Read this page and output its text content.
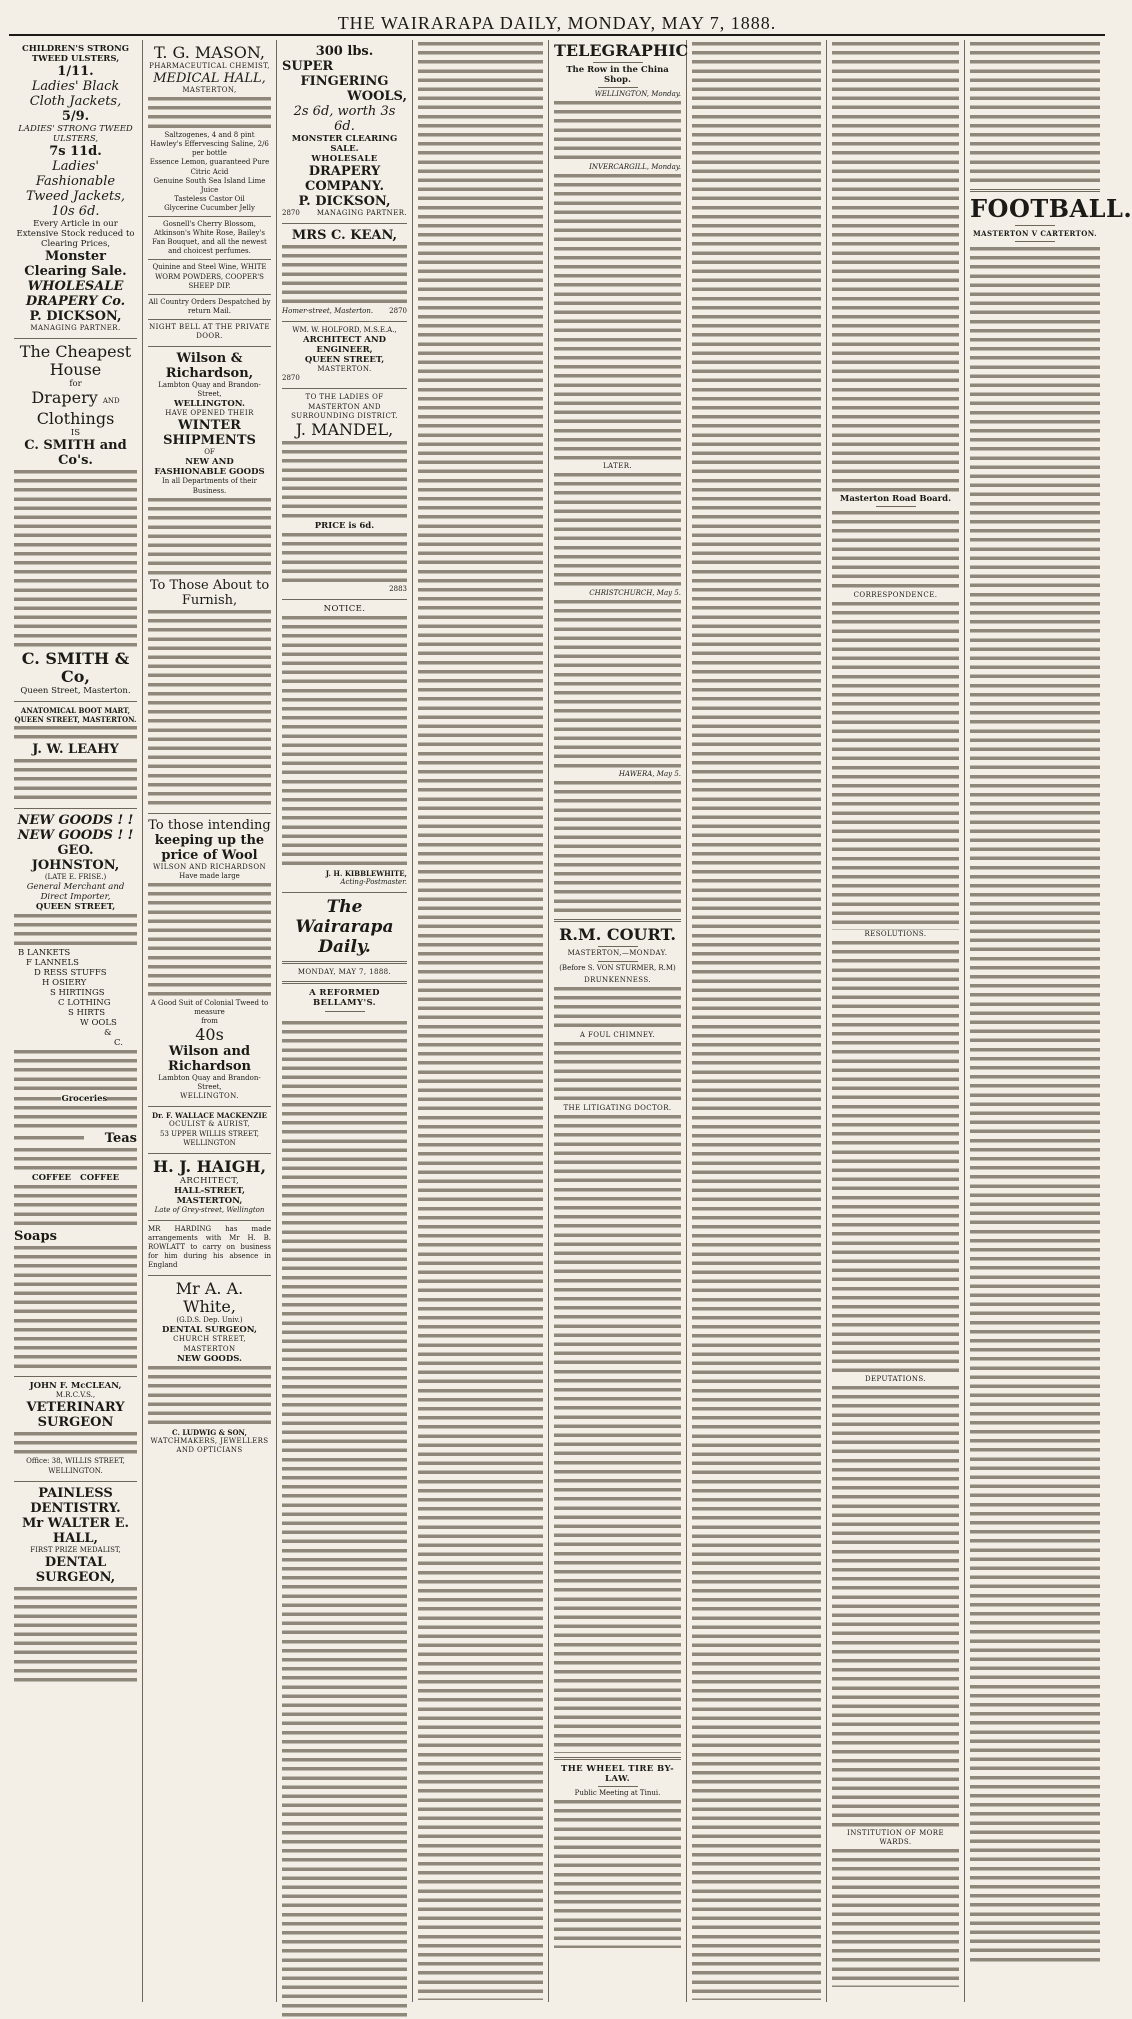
THE WAIRARAPA DAILY, MONDAY, MAY 7, 1888.
CHILDREN'S STRONG TWEED ULSTERS,
1/11.
Ladies' Black Cloth Jackets,
5/9.
LADIES' STRONG TWEED ULSTERS,
7s 11d.
Ladies' Fashionable Tweed Jackets, 10s 6d.
Every Article in our Extensive Stock reduced to Clearing Prices,
Monster Clearing Sale.
WHOLESALE DRAPERY Co.
P. DICKSON,
MANAGING PARTNER.
The Cheapest House
for
Drapery AND Clothings
IS
C. SMITH and Co's.
C. SMITH & Co,
Queen Street, Masterton.
ANATOMICAL BOOT MART, QUEEN STREET, MASTERTON.
J. W. LEAHY
NEW GOODS ! !
NEW GOODS ! !
GEO. JOHNSTON,
(LATE E. FRISE.)
General Merchant and Direct Importer,
QUEEN STREET,
B LANKETS
F LANNELS
D RESS STUFFS
H OSIERY
S HIRTINGS
C LOTHING
S HIRTS
W OOLS
&
C.
Groceries
Teas
COFFEE COFFEE
Soaps
JOHN F. McCLEAN,
M.R.C.V.S.,
VETERINARY SURGEON
Office: 38, WILLIS STREET, WELLINGTON.
PAINLESS DENTISTRY.
Mr WALTER E. HALL,
FIRST PRIZE MEDALIST,
DENTAL SURGEON,
T. G. MASON,
PHARMACEUTICAL CHEMIST,
MEDICAL HALL,
MASTERTON,
Saltzogenes, 4 and 8 pint
Hawley's Effervescing Saline, 2/6 per bottle
Essence Lemon, guaranteed Pure Citric Acid
Genuine South Sea Island Lime Juice
Tasteless Castor Oil
Glycerine Cucumber Jelly
Gosnell's Cherry Blossom, Atkinson's White Rose, Bailey's Fan Bouquet, and all the newest and choicest perfumes.
Quinine and Steel Wine, WHITE WORM POWDERS, COOPER'S SHEEP DIP.
All Country Orders Despatched by return Mail.
NIGHT BELL AT THE PRIVATE DOOR.
Wilson & Richardson,
Lambton Quay and Brandon-Street,
WELLINGTON.
HAVE OPENED THEIR
WINTER SHIPMENTS
OF
NEW AND FASHIONABLE GOODS
In all Departments of their Business.
To Those About to Furnish,
To those intending
keeping up the price of Wool
WILSON AND RICHARDSON
Have made large
A Good Suit of Colonial Tweed to measure
from
40s
Wilson and Richardson
Lambton Quay and Brandon-Street,
WELLINGTON.
Dr. F. WALLACE MACKENZIE
OCULIST & AURIST,
53 UPPER WILLIS STREET, WELLINGTON
H. J. HAIGH,
ARCHITECT,
HALL-STREET, MASTERTON,
Late of Grey-street, Wellington
MR HARDING has made arrangements with Mr H. B. ROWLATT to carry on business for him during his absence in England
Mr A. A. White,
(G.D.S. Dep. Univ.)
DENTAL SURGEON,
CHURCH STREET, MASTERTON
NEW GOODS.
C. LUDWIG & SON,
WATCHMAKERS, JEWELLERS AND OPTICIANS
300 lbs.
SUPER
FINGERING
WOOLS,
2s 6d, worth 3s 6d.
MONSTER CLEARING SALE.
WHOLESALE
DRAPERY COMPANY.
P. DICKSON,
2870 MANAGING PARTNER.
MRS C. KEAN,
Homer-street, Masterton. 2870
WM. W. HOLFORD, M.S.E.A.,
ARCHITECT AND ENGINEER,
QUEEN STREET,
MASTERTON.
2870
TO THE LADIES OF MASTERTON AND SURROUNDING DISTRICT.
J. MANDEL,
PRICE is 6d.
2883
NOTICE.
J. H. KIBBLEWHITE,
Acting-Postmaster.
The Wairarapa Daily.
MONDAY, MAY 7, 1888.
A REFORMED BELLAMY'S.
TELEGRAPHIC
The Row in the China Shop.
WELLINGTON, Monday.
INVERCARGILL, Monday.
LATER.
CHRISTCHURCH, May 5.
HAWERA, May 5.
R.M. COURT.
MASTERTON,—MONDAY.
(Before S. VON STURMER, R.M)
DRUNKENNESS.
A FOUL CHIMNEY.
THE LITIGATING DOCTOR.
THE WHEEL TIRE BY-LAW.
Public Meeting at Tinui.
Masterton Road Board.
CORRESPONDENCE.
RESOLUTIONS.
DEPUTATIONS.
INSTITUTION OF MORE WARDS.
FOOTBALL.
MASTERTON V CARTERTON.
